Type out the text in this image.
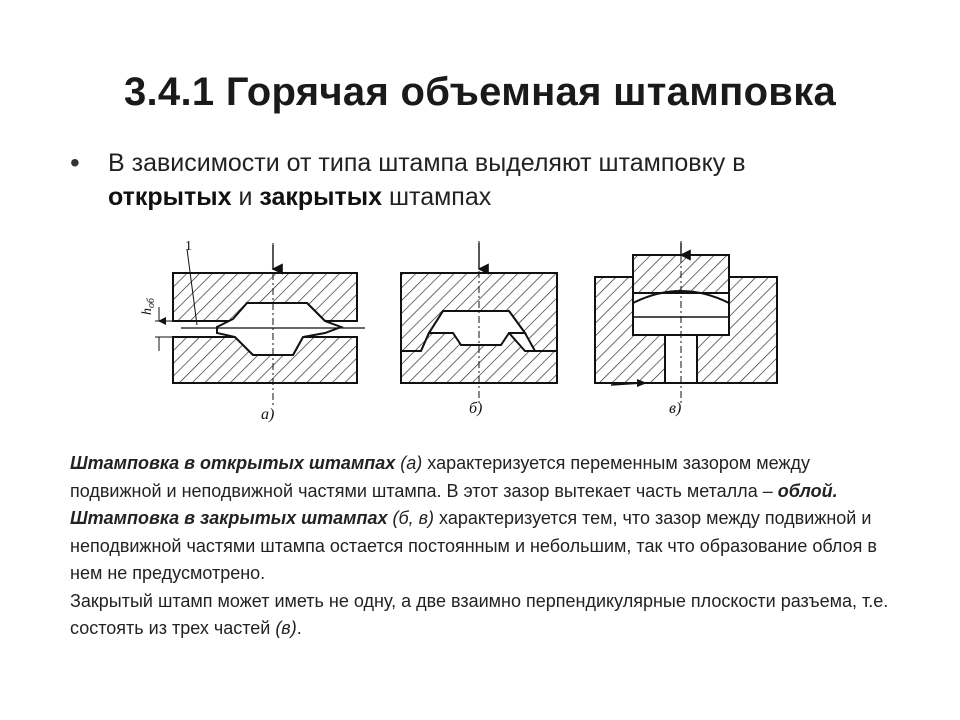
3.4.1 Горячая объемная штамповка
• В зависимости от типа штампа выделяют штамповку в открытых и закрытых штампах
1
$h_{об}$
а)	б)	в)

Штамповка в открытых штампах (а) характеризуется переменным зазором между подвижной и неподвижной частями штампа. В этот зазор вытекает часть металла – облой.

Штамповка в закрытых штампах (б, в) характеризуется тем, что зазор между подвижной и неподвижной частями штампа остается постоянным и небольшим, так что образование облоя в нем не предусмотрено.

Закрытый штамп может иметь не одну, а две взаимно перпендикулярные плоскости разъема, т.е. состоять из трех частей (в).
